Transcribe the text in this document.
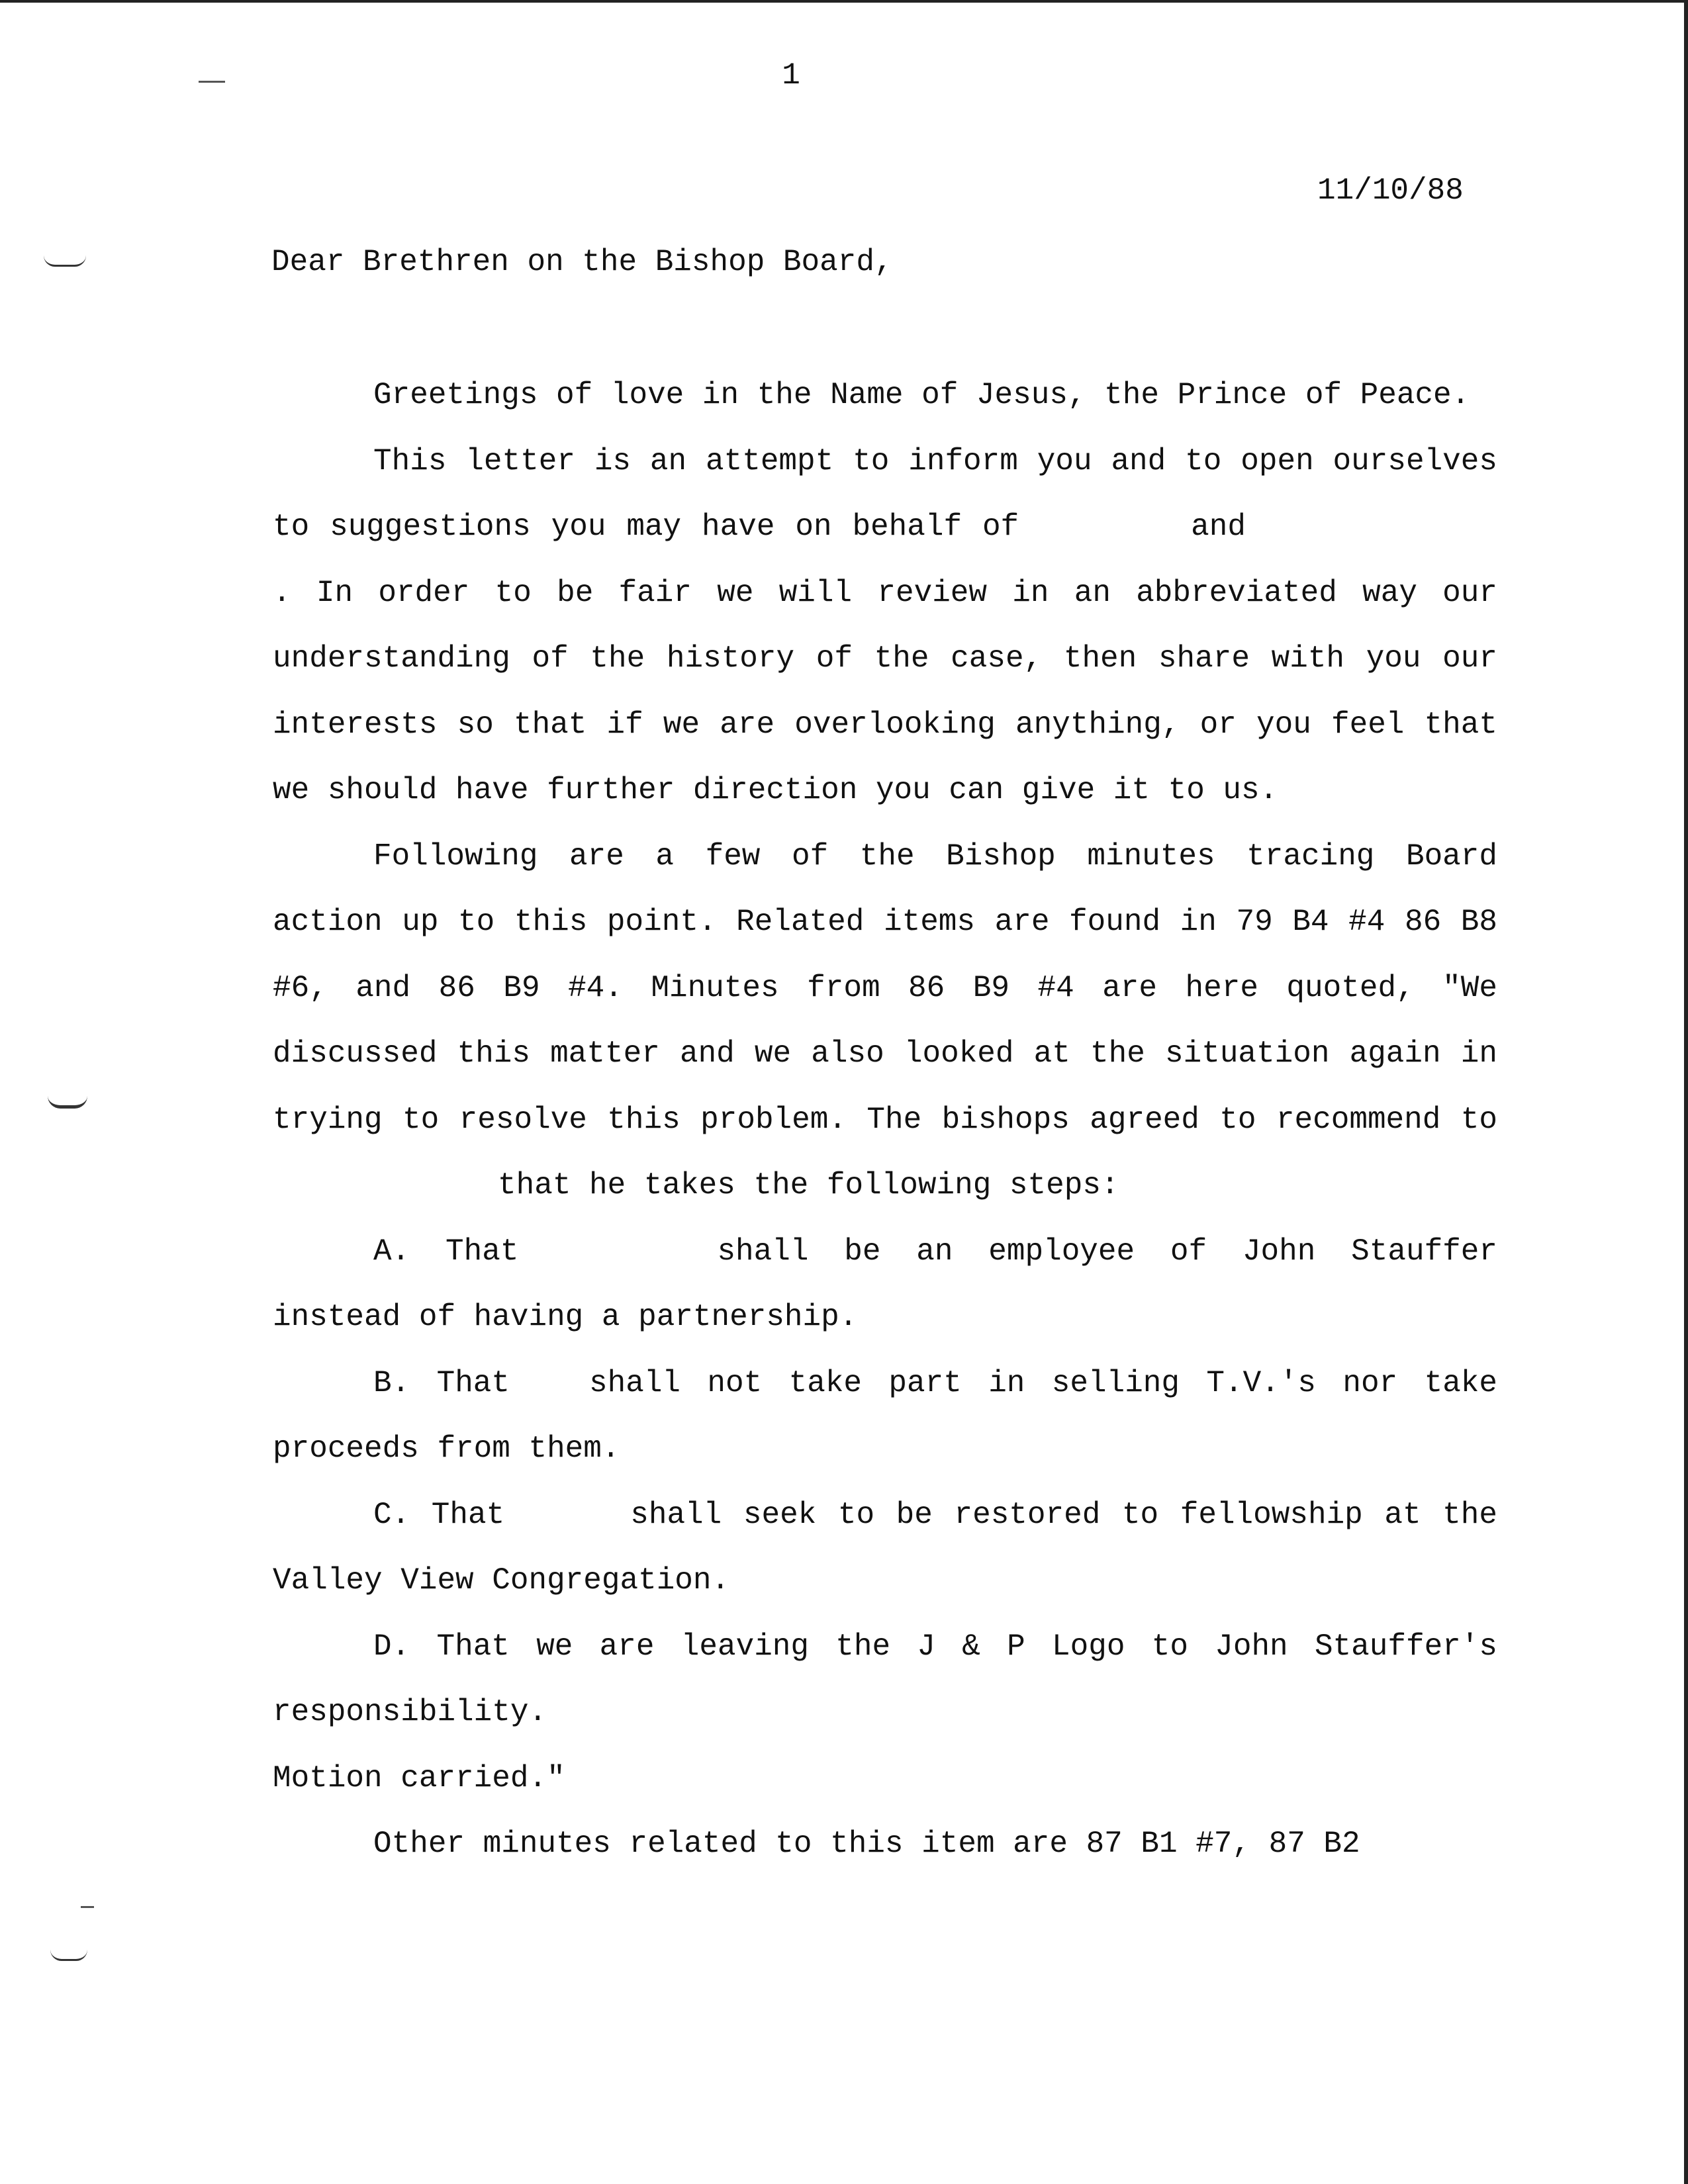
1
11/10/88
Dear Brethren on the Bishop Board,

Greetings of love in the Name of Jesus, the Prince of Peace.

This letter is an attempt to inform you and to open ourselves to suggestions you may have on behalf of	and. In order to be fair we will review in an abbreviated way our understanding of the history of the case, then share with you our interests so that if we are overlooking anything, or you feel that we should have further direction you can give it to us.

Following are a few of the Bishop minutes tracing Board action up to this point. Related items are found in 79 B4 #4 86 B8 #6, and 86 B9 #4. Minutes from 86 B9 #4 are here quoted, "We discussed this matter and we also looked at the situation again in trying to resolve this problem. The bishops agreed to recommend tothat he takes the following steps:

A. That	shall be an employee of John Stauffer instead of having a partnership.

B. That	shall not take part in selling T.V.'s nor take proceeds from them.

C. That	shall seek to be restored to fellowship at the Valley View Congregation.

D. That we are leaving the J & P Logo to John Stauffer's responsibility.

Motion carried."

Other minutes related to this item are 87 B1 #7, 87 B2
